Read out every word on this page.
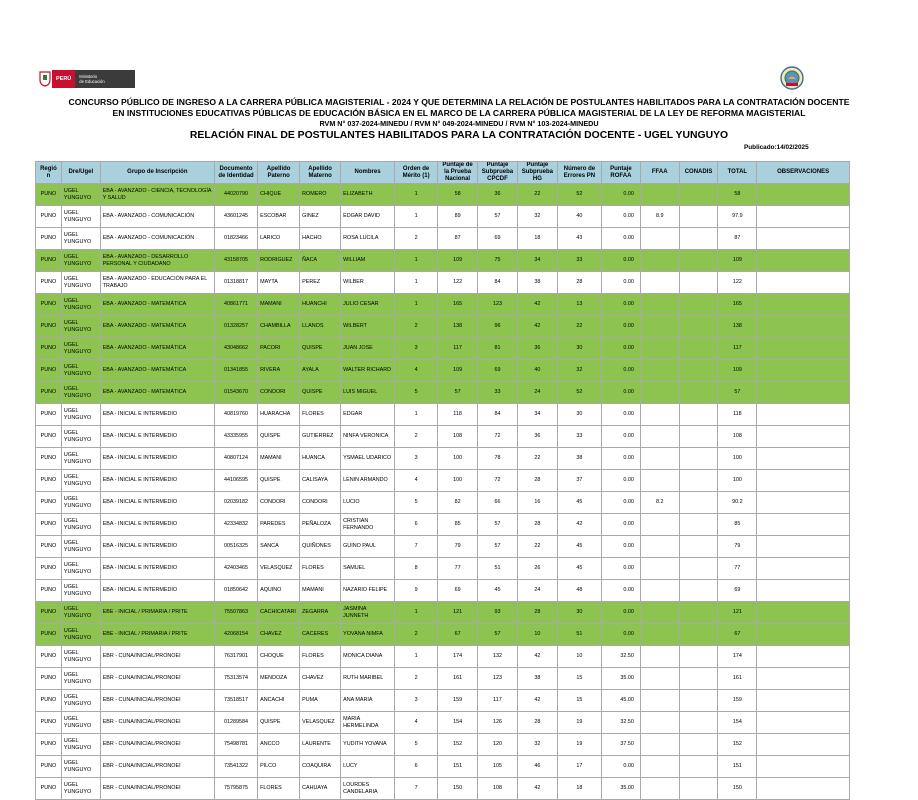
PERÚ	Ministerio
de Educación
CONCURSO PÚBLICO DE INGRESO A LA CARRERA PÚBLICA MAGISTERIAL - 2024 Y QUE DETERMINA LA RELACIÓN DE POSTULANTES HABILITADOS PARA LA CONTRATACIÓN DOCENTE
EN INSTITUCIONES EDUCATIVAS PÚBLICAS DE EDUCACIÓN BÁSICA EN EL MARCO DE LA CARRERA PÚBLICA MAGISTERIAL DE LA LEY DE REFORMA MAGISTERIAL
RVM N° 037-2024-MINEDU / RVM N° 049-2024-MINEDU / RVM N° 103-2024-MINEDU
RELACIÓN FINAL DE POSTULANTES HABILITADOS PARA LA CONTRATACIÓN DOCENTE - UGEL YUNGUYO
Publicado:14/02/2025
Regió n	Dre/Ugel	Grupo de Inscripción	Documento de Identidad	Apellido Paterno	Apellido Materno	Nombres	Orden de Mérito (1)	Puntaje de la Prueba Nacional	Puntaje Subprueba CPCDF	Puntaje Subprueba HG	Número de Errores PN	Puntaje ROFAA	FFAA	CONADIS	TOTAL	OBSERVACIONES
PUNO	UGEL YUNGUYO	EBA - AVANZADO - CIENCIA, TECNOLOGÍA Y SALUD	44020790	CHIQUE	ROMERO	ELIZABETH	1	58	36	22	52	0.00			58	
PUNO	UGEL YUNGUYO	EBA - AVANZADO - COMUNICACIÓN	43601245	ESCOBAR	GINEZ	EDGAR DAVID	1	89	57	32	40	0.00	8.9		97.9	
PUNO	UGEL YUNGUYO	EBA - AVANZADO - COMUNICACIÓN	01823466	LARICO	HACHO	ROSA LUCILA	2	87	69	18	43	0.00			87	
PUNO	UGEL YUNGUYO	EBA - AVANZADO - DESARROLLO PERSONAL Y CIUDADANO	43158705	RODRIGUEZ	ÑACA	WILLIAM	1	109	75	34	33	0.00			109	
PUNO	UGEL YUNGUYO	EBA - AVANZADO - EDUCACIÓN PARA EL TRABAJO	01318817	MAYTA	PEREZ	WILBER	1	122	84	38	28	0.00			122	
PUNO	UGEL YUNGUYO	EBA - AVANZADO - MATEMÁTICA	40861771	MAMANI	HUANCHI	JULIO CESAR	1	165	123	42	13	0.00			165	
PUNO	UGEL YUNGUYO	EBA - AVANZADO - MATEMÁTICA	01328257	CHAMBILLA	LLANOS	WILBERT	2	138	96	42	22	0.00			138	
PUNO	UGEL YUNGUYO	EBA - AVANZADO - MATEMÁTICA	43048662	PACORI	QUISPE	JUAN JOSE	3	117	81	36	30	0.00			117	
PUNO	UGEL YUNGUYO	EBA - AVANZADO - MATEMÁTICA	01341855	RIVERA	AYALA	WALTER RICHARD	4	109	69	40	32	0.00			109	
PUNO	UGEL YUNGUYO	EBA - AVANZADO - MATEMÁTICA	01543670	CONDORI	QUISPE	LUIS MIGUEL	5	57	33	24	52	0.00			57	
PUNO	UGEL YUNGUYO	EBA - INICIAL E INTERMEDIO	40819760	HUARACHA	FLORES	EDGAR	1	118	84	34	30	0.00			118	
PUNO	UGEL YUNGUYO	EBA - INICIAL E INTERMEDIO	43335955	QUISPE	GUTIERREZ	NINFA VERONICA	2	108	72	36	33	0.00			108	
PUNO	UGEL YUNGUYO	EBA - INICIAL E INTERMEDIO	40807124	MAMANI	HUANCA	YSMAEL UDARICO	3	100	78	22	38	0.00			100	
PUNO	UGEL YUNGUYO	EBA - INICIAL E INTERMEDIO	44106595	QUISPE	CALISAYA	LENIN ARMANDO	4	100	72	28	37	0.00			100	
PUNO	UGEL YUNGUYO	EBA - INICIAL E INTERMEDIO	02039182	CONDORI	CONDORI	LUCIO	5	82	66	16	45	0.00	8.2		90.2	
PUNO	UGEL YUNGUYO	EBA - INICIAL E INTERMEDIO	42334832	PAREDES	PEÑALOZA	CRISTIAN FERNANDO	6	85	57	28	42	0.00			85	
PUNO	UGEL YUNGUYO	EBA - INICIAL E INTERMEDIO	00516325	SANCA	QUIÑONES	GUINO PAUL	7	79	57	22	45	0.00			79	
PUNO	UGEL YUNGUYO	EBA - INICIAL E INTERMEDIO	42403465	VELASQUEZ	FLORES	SAMUEL	8	77	51	26	45	0.00			77	
PUNO	UGEL YUNGUYO	EBA - INICIAL E INTERMEDIO	01850642	AQUINO	MAMANI	NAZARIO FELIPE	9	69	45	24	48	0.00			69	
PUNO	UGEL YUNGUYO	EBE - INICIAL / PRIMARIA / PRITE	75507863	CACHICATARI	ZEGARRA	JASMINA JUNNETH	1	121	93	28	30	0.00			121	
PUNO	UGEL YUNGUYO	EBE - INICIAL / PRIMARIA / PRITE	42068154	CHAVEZ	CACERES	YOVANA NIMFA	2	67	57	10	51	0.00			67	
PUNO	UGEL YUNGUYO	EBR - CUNA/INICIAL/PRONOEI	76317901	CHOQUE	FLORES	MONICA DIANA	1	174	132	42	10	32.50			174	
PUNO	UGEL YUNGUYO	EBR - CUNA/INICIAL/PRONOEI	75313574	MENDOZA	CHAVEZ	RUTH MARIBEL	2	161	123	38	15	35.00			161	
PUNO	UGEL YUNGUYO	EBR - CUNA/INICIAL/PRONOEI	73518517	ANCACHI	PUMA	ANA MARIA	3	159	117	42	15	45.00			159	
PUNO	UGEL YUNGUYO	EBR - CUNA/INICIAL/PRONOEI	01289584	QUISPE	VELASQUEZ	MARIA HERMELINDA	4	154	126	28	19	32.50			154	
PUNO	UGEL YUNGUYO	EBR - CUNA/INICIAL/PRONOEI	75498781	ANCCO	LAURENTE	YUDITH YOVANA	5	152	120	32	19	37.50			152	
PUNO	UGEL YUNGUYO	EBR - CUNA/INICIAL/PRONOEI	73541322	PILCO	COAQUIRA	LUCY	6	151	105	46	17	0.00			151	
PUNO	UGEL YUNGUYO	EBR - CUNA/INICIAL/PRONOEI	75795875	FLORES	CAHUAYA	LOURDES CANDELARIA	7	150	108	42	18	35.00			150	
